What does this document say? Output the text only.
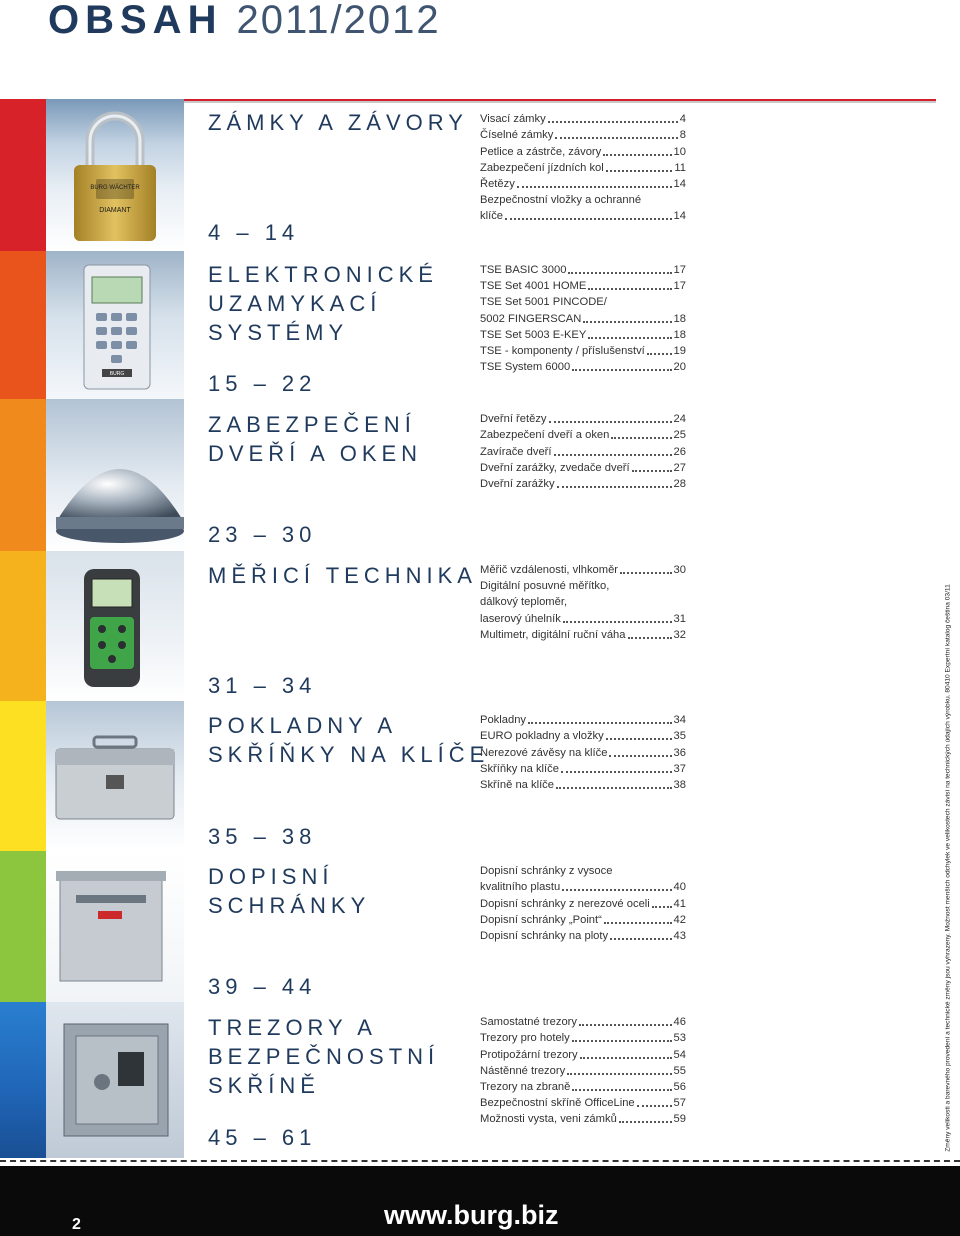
OBSAH 2011/2012
BURG WÄCHTER
DIAMANT
BURG
ZÁMKY A ZÁVORY
4 – 14
Visací zámky	4
Číselné zámky	8
Petlice a zástrče, závory	10
Zabezpečení jízdních kol	11
Řetězy	14
Bezpečnostní vložky a ochranné
klíče	14
ELEKTRONICKÉ
UZAMYKACÍ
SYSTÉMY
15 – 22
TSE BASIC 3000	17
TSE Set 4001 HOME	17
TSE Set 5001 PINCODE/
5002 FINGERSCAN	18
TSE Set 5003 E-KEY	18
TSE - komponenty / příslušenství	19
TSE System 6000	20
ZABEZPEČENÍ
DVEŘÍ A OKEN
23 – 30
Dveřní řetězy	24
Zabezpečení dveří a oken	25
Zavírače dveří	26
Dveřní zarážky, zvedače dveří	27
Dveřní zarážky	28
MĚŘICÍ TECHNIKA
31 – 34
Měřič vzdálenosti, vlhkoměr	30
Digitální posuvné měřítko,
dálkový teploměr,
laserový úhelník	31
Multimetr, digitální ruční váha	32
POKLADNY A
SKŘÍŇKY NA KLÍČE
35 – 38
Pokladny	34
EURO pokladny a vložky	35
Nerezové závěsy na klíče	36
Skříňky na klíče	37
Skříně na klíče	38
DOPISNÍ
SCHRÁNKY
39 – 44
Dopisní schránky z vysoce
kvalitního plastu	40
Dopisní schránky z nerezové oceli 41
Dopisní schránky „Point“	42
Dopisní schránky na ploty	43
TREZORY A
BEZPEČNOSTNÍ
SKŘÍNĚ
45 – 61
Samostatné trezory	46
Trezory pro hotely	53
Protipožární trezory	54
Nástěnné trezory	55
Trezory na zbraně	56
Bezpečnostní skříně OfficeLine	57
Možnosti vysta, veni zámků	59	Změny velikosti a barevného provedení a technické změny jsou vyhrazeny. Možnost menších odchylek ve velikostech závisí na technických údajích výrobku. 80410 Expertní katalog čeština 03/11
2	www.burg.biz
